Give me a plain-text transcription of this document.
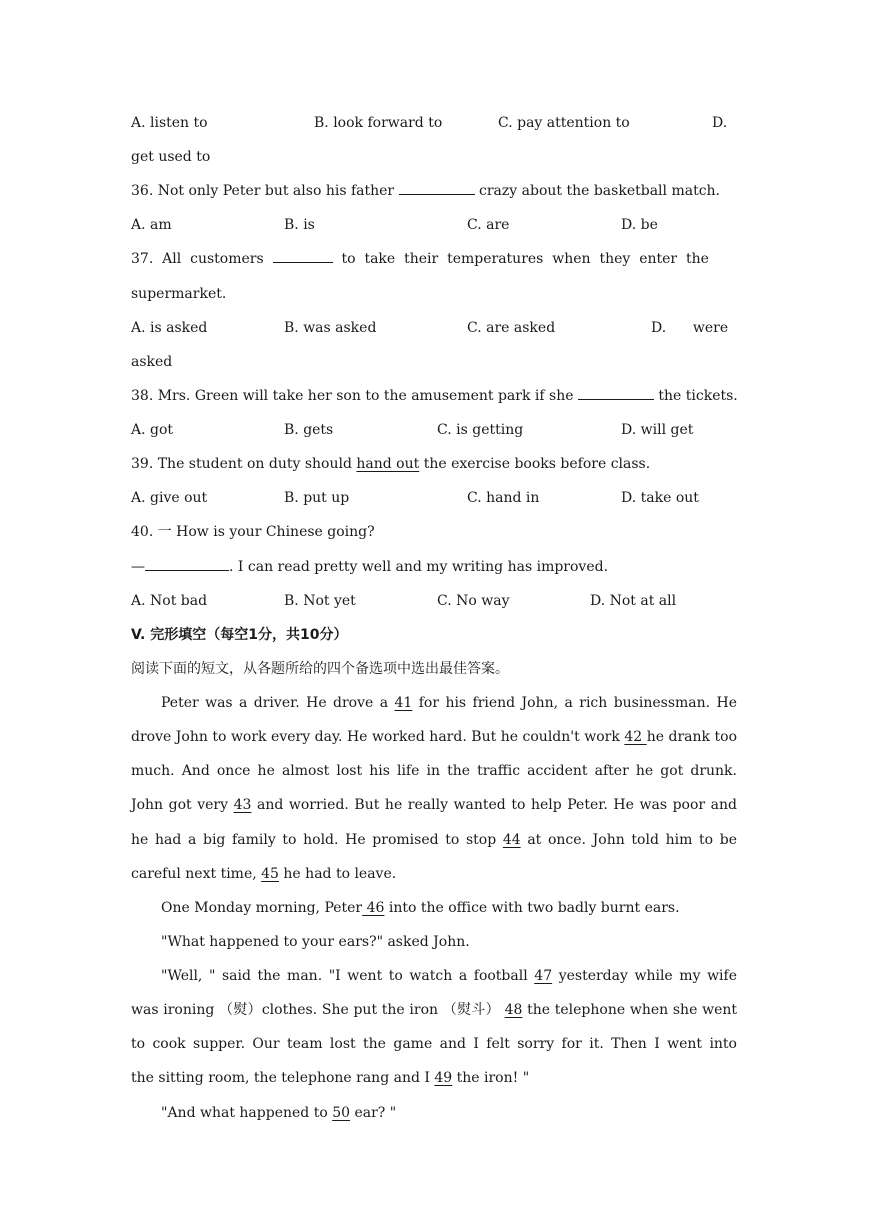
A. listen to	B. look forward to	C. pay attention to	D.
get used to
36. Not only Peter but also his father	crazy about the basketball match.
A. am	B. is	C. are	D. be
37.  All  customers	to  take  their  temperatures  when  they  enter  the
supermarket.
A. is asked	B. was asked	C. are asked	D.      were
asked
38. Mrs. Green will take her son to the amusement park if she	the tickets.
A. got	B. gets	C. is getting	D. will get
39. The student on duty should hand out the exercise books before class.
A. give out	B. put up	C. hand in	D. take out
40. 一 How is your Chinese going?
—	. I can read pretty well and my writing has improved.
A. Not bad	B. Not yet	C. No way	D. Not at all
V. 完形填空（每空1分，共10分）
阅读下面的短文，从各题所给的四个备选项中选出最佳答案。
Peter was a driver. He drove a 41 for his friend John, a rich businessman. He
drove John to work every day. He worked hard. But he couldn't work 42 he drank too
much. And once he almost lost his life in the traffic accident after he got drunk.
John got very 43 and worried. But he really wanted to help Peter. He was poor and
he had a big family to hold. He promised to stop 44 at once. John told him to be
careful next time, 45 he had to leave.
One Monday morning, Peter 46 into the office with two badly burnt ears.
"What happened to your ears?" asked John.
"Well, " said the man. "I went to watch a football 47 yesterday while my wife
was ironing （熨）clothes. She put the iron （熨斗） 48 the telephone when she went
to cook supper. Our team lost the game and I felt sorry for it. Then I went into
the sitting room, the telephone rang and I 49 the iron! "
"And what happened to 50 ear? "
